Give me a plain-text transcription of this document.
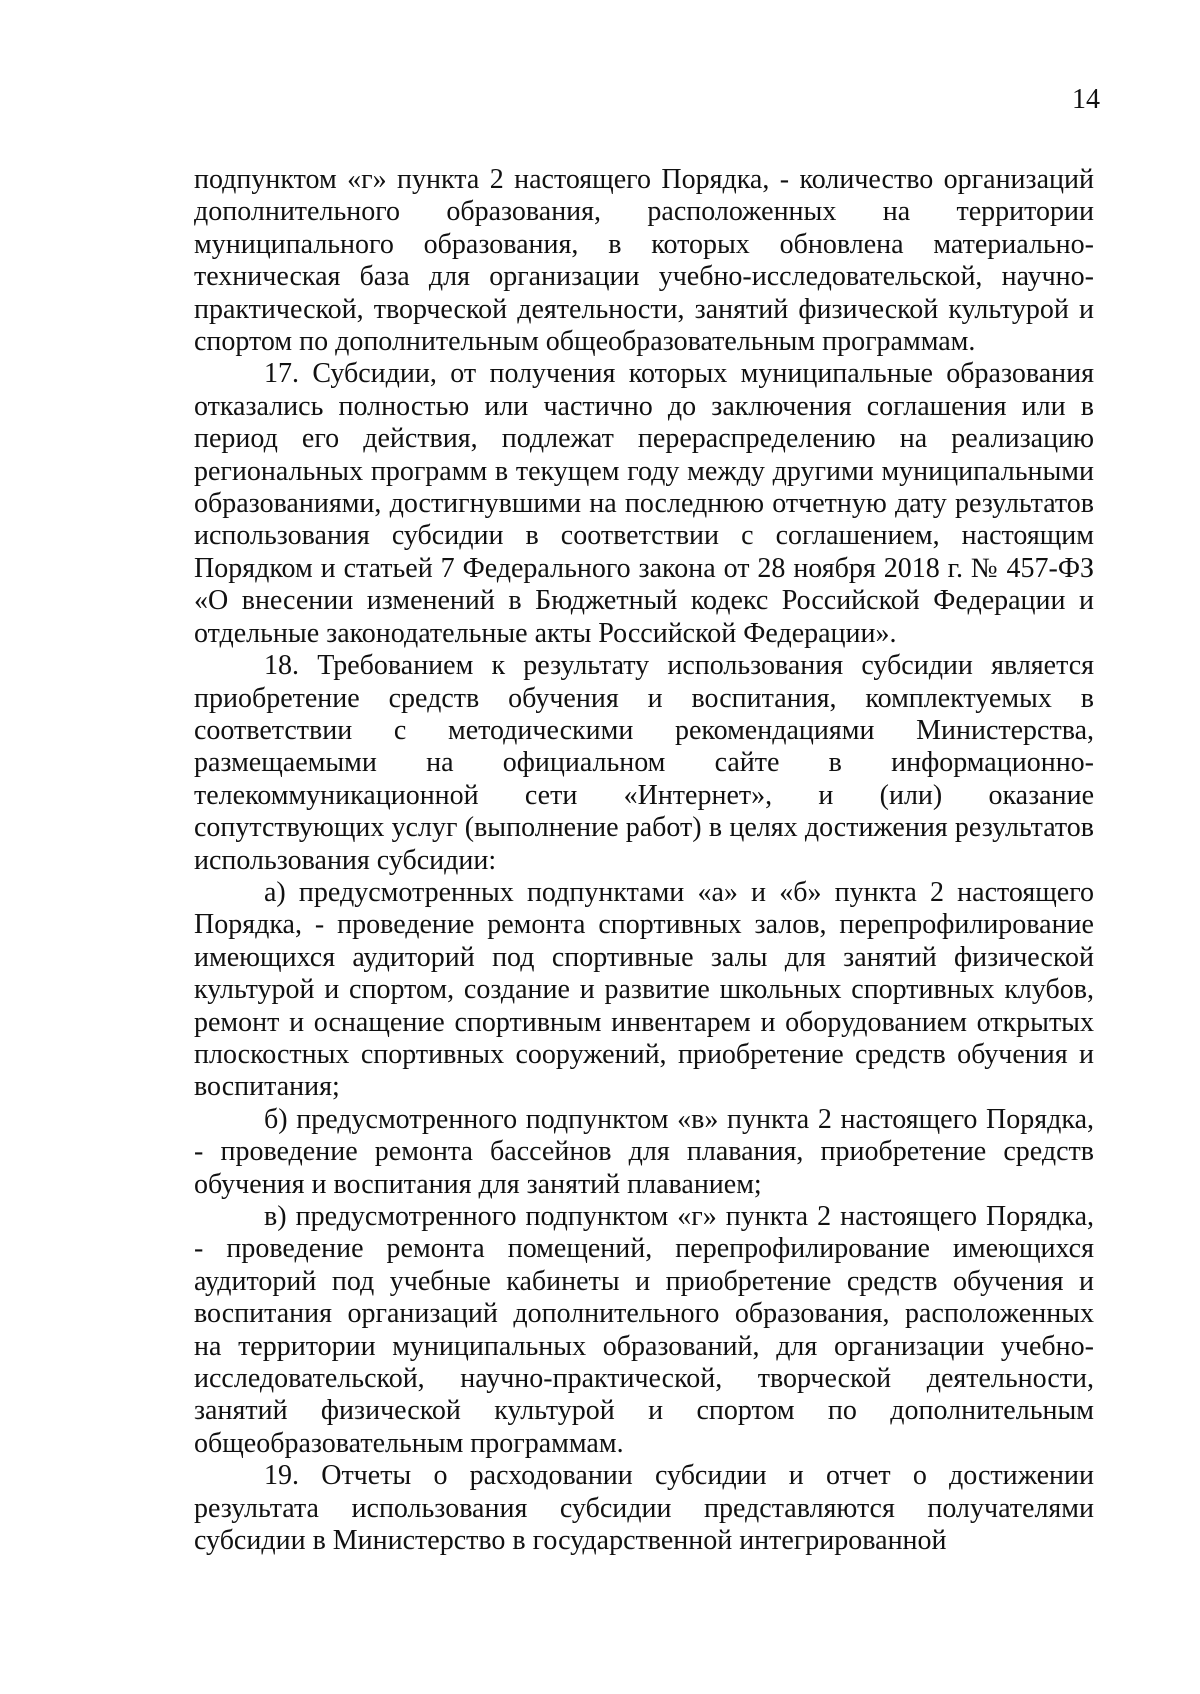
14

подпунктом «г» пункта 2 настоящего Порядка, - количество организаций дополнительного образования, расположенных на территории муниципального образования, в которых обновлена материально-техническая база для организации учебно-исследовательской, научно-практической, творческой деятельности, занятий физической культурой и спортом по дополнительным общеобразовательным программам.

17. Субсидии, от получения которых муниципальные образования отказались полностью или частично до заключения соглашения или в период его действия, подлежат перераспределению на реализацию региональных программ в текущем году между другими муниципальными образованиями, достигнувшими на последнюю отчетную дату результатов использования субсидии в соответствии с соглашением, настоящим Порядком и статьей 7 Федерального закона от 28 ноября 2018 г. № 457-ФЗ «О внесении изменений в Бюджетный кодекс Российской Федерации и отдельные законодательные акты Российской Федерации».

18. Требованием к результату использования субсидии является приобретение средств обучения и воспитания, комплектуемых в соответствии с методическими рекомендациями Министерства, размещаемыми на официальном сайте в информационно-телекоммуникационной сети «Интернет», и (или) оказание сопутствующих услуг (выполнение работ) в целях достижения результатов использования субсидии:

а) предусмотренных подпунктами «а» и «б» пункта 2 настоящего Порядка, - проведение ремонта спортивных залов, перепрофилирование имеющихся аудиторий под спортивные залы для занятий физической культурой и спортом, создание и развитие школьных спортивных клубов, ремонт и оснащение спортивным инвентарем и оборудованием открытых плоскостных спортивных сооружений, приобретение средств обучения и воспитания;

б) предусмотренного подпунктом «в» пункта 2 настоящего Порядка, - проведение ремонта бассейнов для плавания, приобретение средств обучения и воспитания для занятий плаванием;

в) предусмотренного подпунктом «г» пункта 2 настоящего Порядка, - проведение ремонта помещений, перепрофилирование имеющихся аудиторий под учебные кабинеты и приобретение средств обучения и воспитания организаций дополнительного образования, расположенных на территории муниципальных образований, для организации учебно-исследовательской, научно-практической, творческой деятельности, занятий физической культурой и спортом по дополнительным общеобразовательным программам.

19. Отчеты о расходовании субсидии и отчет о достижении результата использования субсидии представляются получателями субсидии в Министерство в государственной интегрированной
